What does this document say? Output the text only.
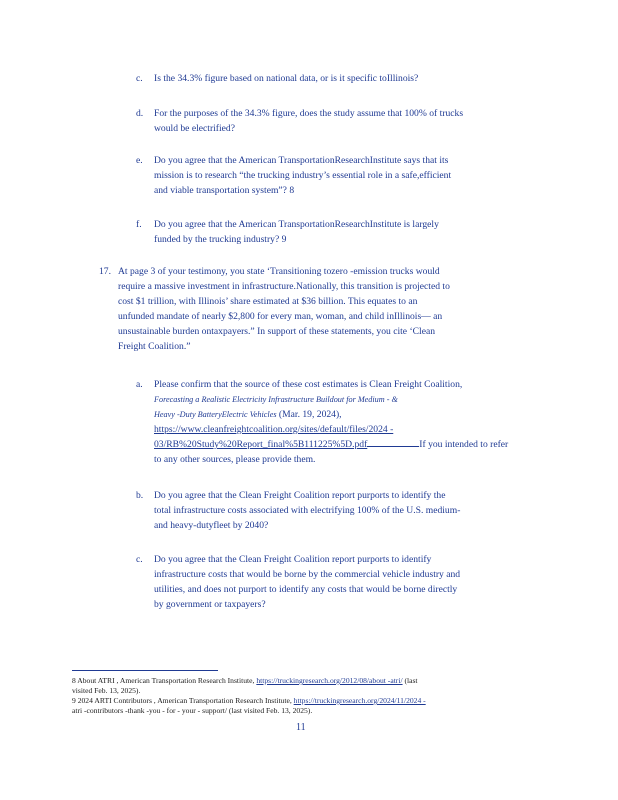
c. Is the 34.3% figure based on national data, or is it specific toIllinois?
d. For the purposes of the 34.3% figure, does the study assume that 100% of trucks
would be electrified?
e. Do you agree that the American TransportationResearchInstitute says that its
mission is to research “the trucking industry’s essential role in a safe,efficient
and viable transportation system”? 8
f. Do you agree that the American TransportationResearchInstitute is largely
funded by the trucking industry? 9
17. At page 3 of your testimony, you state ‘Transitioning tozero -emission trucks would
require a massive investment in infrastructure.Nationally, this transition is projected to
cost $1 trillion, with Illinois’ share estimated at $36 billion. This equates to an
unfunded mandate of nearly $2,800 for every man, woman, and child inIllinois— an
unsustainable burden ontaxpayers.” In support of these statements, you cite ‘Clean
Freight Coalition.”
a. Please confirm that the source of these cost estimates is Clean Freight Coalition,
Forecasting a Realistic Electricity Infrastructure Buildout for Medium - &
Heavy -Duty BatteryElectric Vehicles (Mar. 19, 2024),
https://www.cleanfreightcoalition.org/sites/default/files/2024 -
03/RB%20Study%20Report_final%5B111225%5D.pdf	If you intended to refer
to any other sources, please provide them.
b. Do you agree that the Clean Freight Coalition report purports to identify the
total infrastructure costs associated with electrifying 100% of the U.S. medium-
and heavy-dutyfleet by 2040?
c. Do you agree that the Clean Freight Coalition report purports to identify
infrastructure costs that would be borne by the commercial vehicle industry and
utilities, and does not purport to identify any costs that would be borne directly
by government or taxpayers?
8 About ATRI , American Transportation Research Institute, https://truckingresearch.org/2012/08/about -atri/ (last
visited Feb. 13, 2025).
9 2024 ARTI Contributors , American Transportation Research Institute, https://truckingresearch.org/2024/11/2024 -
atri -contributors -thank -you - for - your - support/ (last visited Feb. 13, 2025).
11
